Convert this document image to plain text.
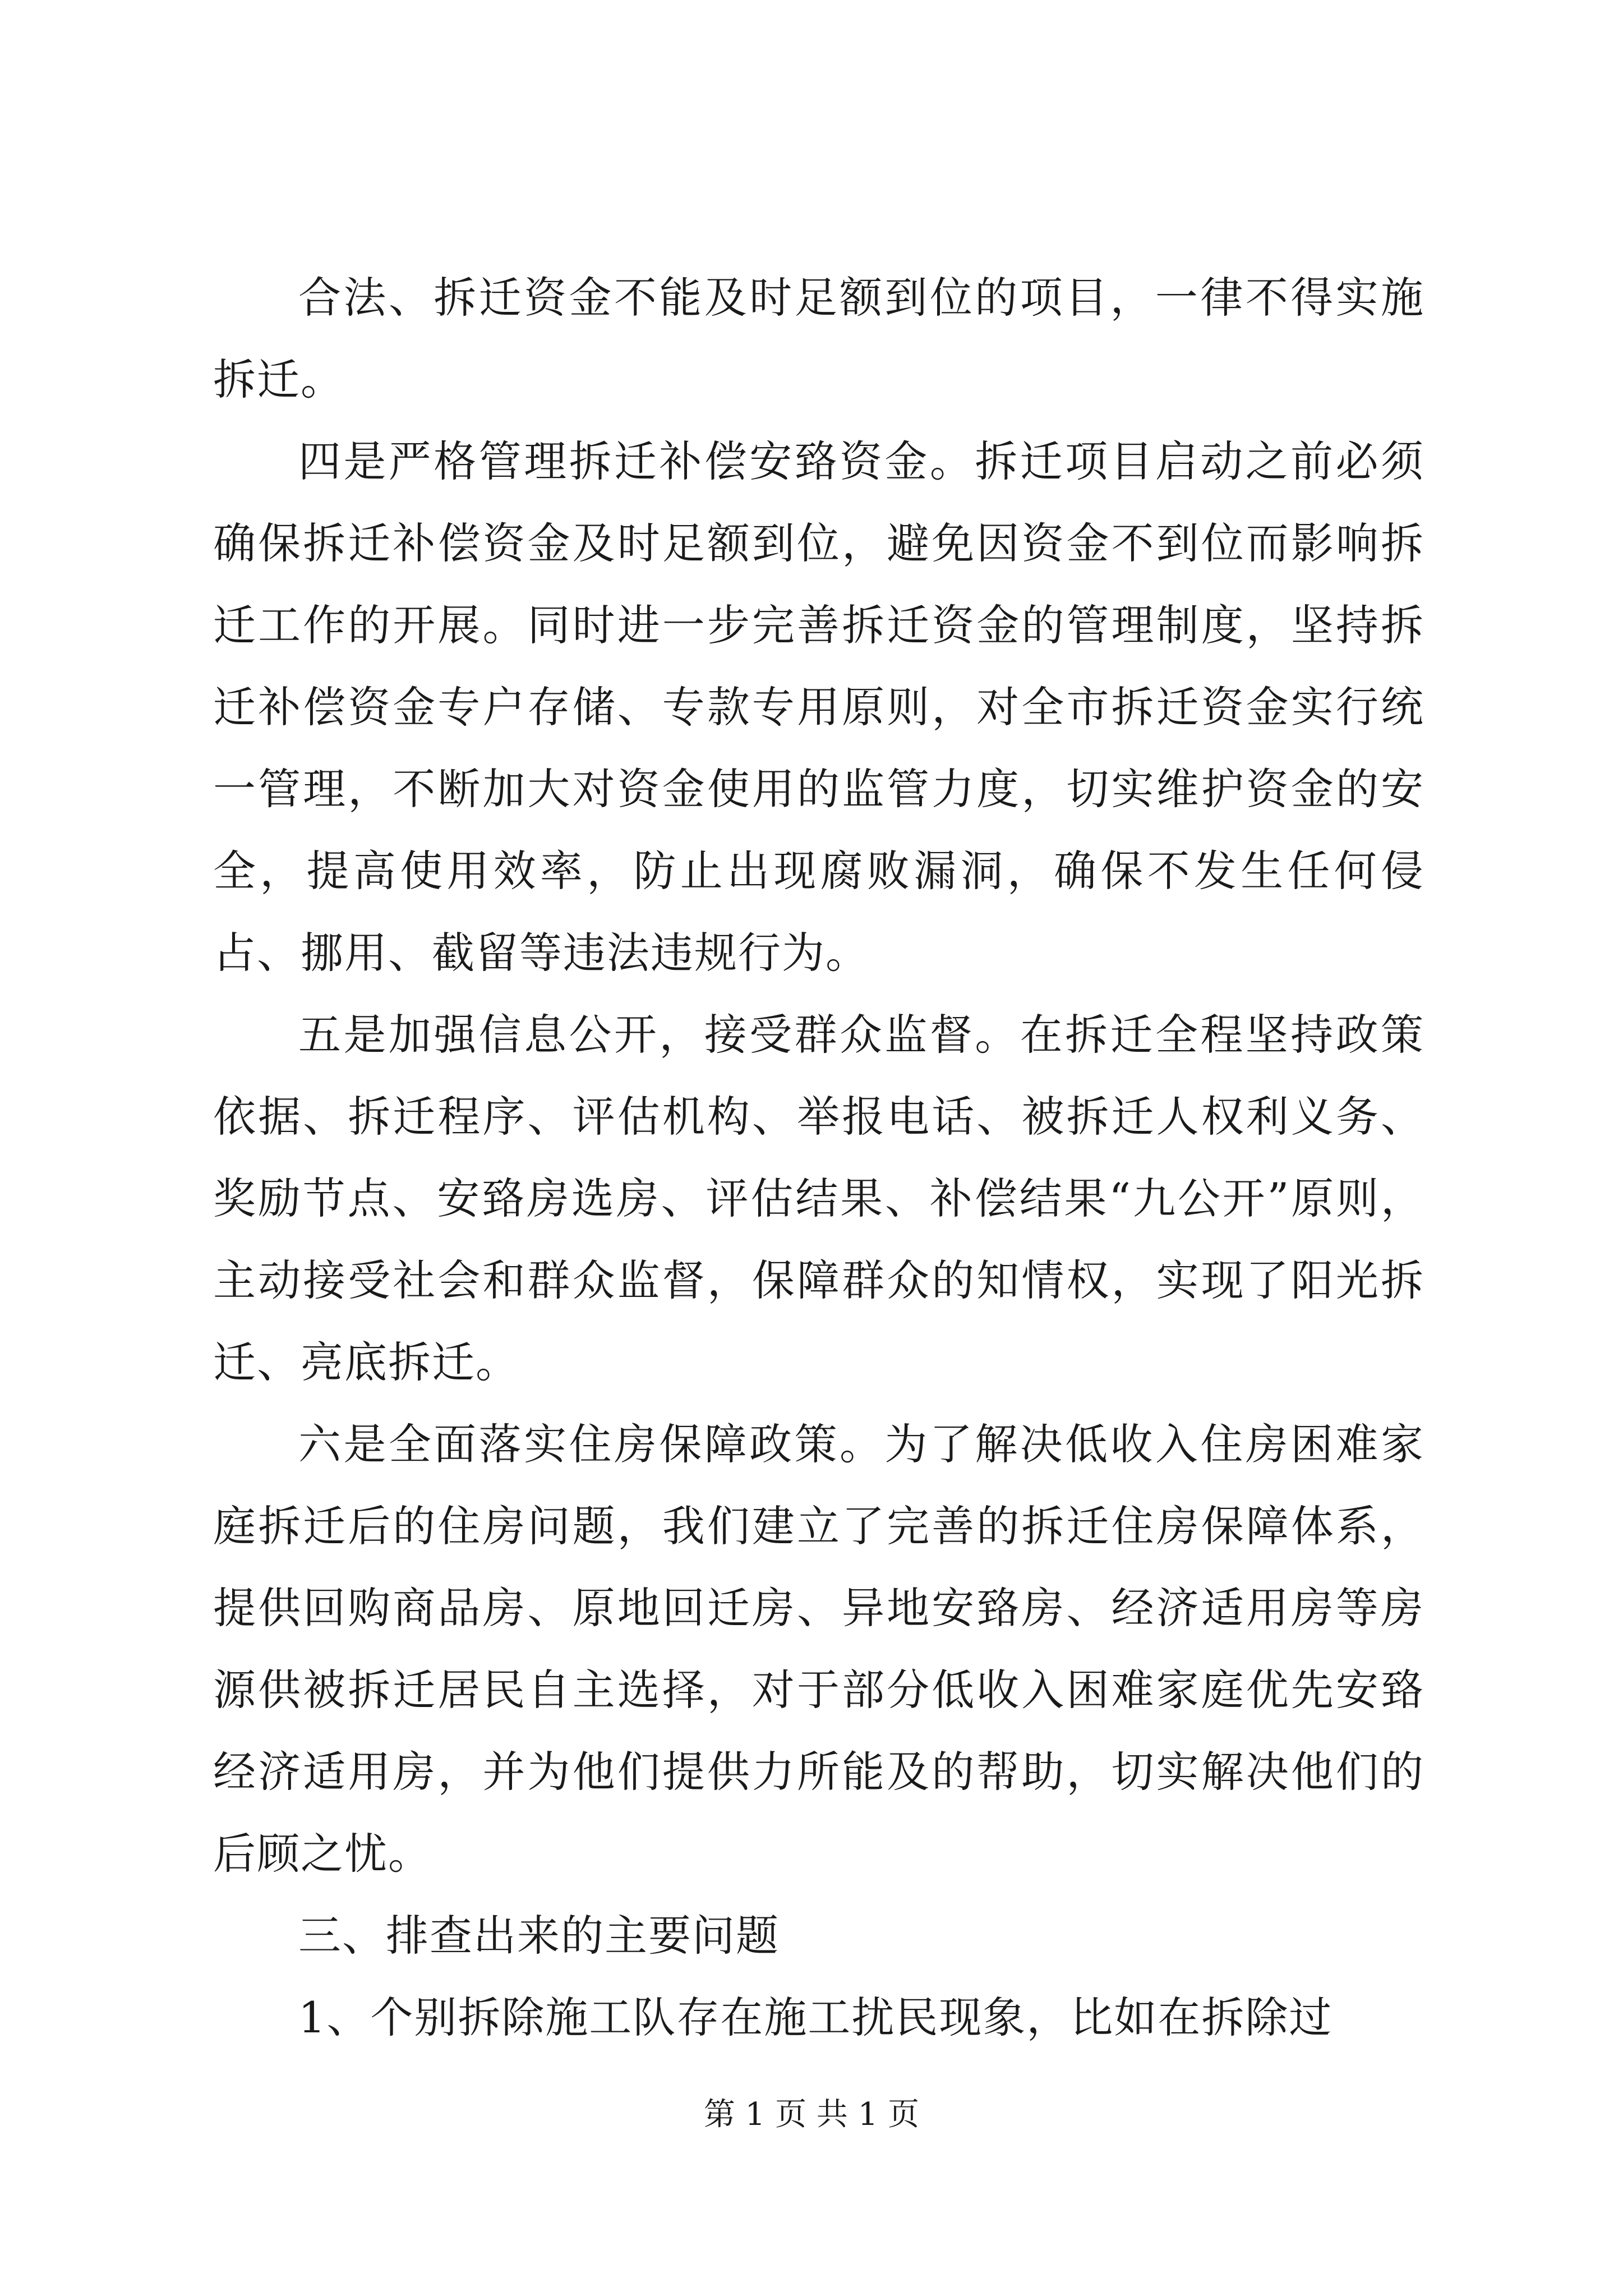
合法、拆迁资金不能及时足额到位的项目，一律不得实施拆迁。

四是严格管理拆迁补偿安臵资金。拆迁项目启动之前必须确保拆迁补偿资金及时足额到位，避免因资金不到位而影响拆迁工作的开展。同时进一步完善拆迁资金的管理制度，坚持拆迁补偿资金专户存储、专款专用原则，对全市拆迁资金实行统一管理，不断加大对资金使用的监管力度，切实维护资金的安全，提高使用效率，防止出现腐败漏洞，确保不发生任何侵占、挪用、截留等违法违规行为。

五是加强信息公开，接受群众监督。在拆迁全程坚持政策依据、拆迁程序、评估机构、举报电话、被拆迁人权利义务、奖励节点、安臵房选房、评估结果、补偿结果“九公开”原则，主动接受社会和群众监督，保障群众的知情权，实现了阳光拆迁、亮底拆迁。

六是全面落实住房保障政策。为了解决低收入住房困难家庭拆迁后的住房问题，我们建立了完善的拆迁住房保障体系，提供回购商品房、原地回迁房、异地安臵房、经济适用房等房源供被拆迁居民自主选择，对于部分低收入困难家庭优先安臵经济适用房，并为他们提供力所能及的帮助，切实解决他们的后顾之忧。

三、排查出来的主要问题

1、个别拆除施工队存在施工扰民现象，比如在拆除过

第 1 页 共 1 页
